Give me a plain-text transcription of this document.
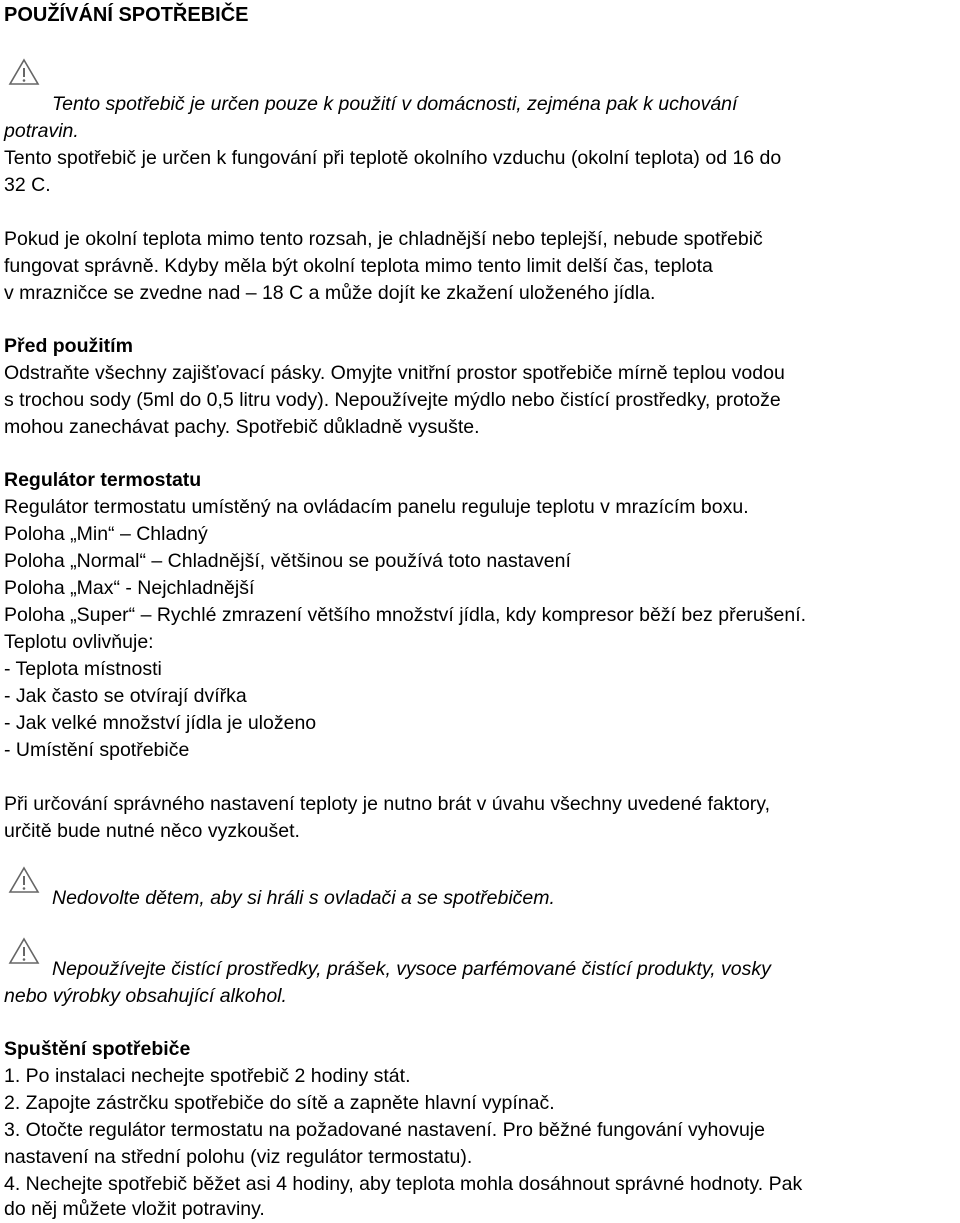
POUŽÍVÁNÍ SPOTŘEBIČE
Tento spotřebič je určen pouze k použití v domácnosti, zejména pak k uchování
potravin.
Tento spotřebič je určen k fungování při teplotě okolního vzduchu (okolní teplota) od 16 do
32 C.
Pokud je okolní teplota mimo tento rozsah, je chladnější nebo teplejší, nebude spotřebič
fungovat správně. Kdyby měla být okolní teplota mimo tento limit delší čas, teplota
v mrazničce se zvedne nad – 18 C a může dojít ke zkažení uloženého jídla.
Před použitím
Odstraňte všechny zajišťovací pásky. Omyjte vnitřní prostor spotřebiče mírně teplou vodou
s trochou sody (5ml do 0,5 litru vody). Nepoužívejte mýdlo nebo čistící prostředky, protože
mohou zanechávat pachy. Spotřebič důkladně vysušte.
Regulátor termostatu
Regulátor termostatu umístěný na ovládacím panelu reguluje teplotu v mrazícím boxu.
Poloha „Min“ – Chladný
Poloha „Normal“ – Chladnější, většinou se používá toto nastavení
Poloha „Max“ - Nejchladnější
Poloha „Super“ – Rychlé zmrazení většího množství jídla, kdy kompresor běží bez přerušení.
Teplotu ovlivňuje:
- Teplota místnosti
- Jak často se otvírají dvířka
- Jak velké množství jídla je uloženo
- Umístění spotřebiče
Při určování správného nastavení teploty je nutno brát v úvahu všechny uvedené faktory,
určitě bude nutné něco vyzkoušet.
Nedovolte dětem, aby si hráli s ovladači a se spotřebičem.
Nepoužívejte čistící prostředky, prášek, vysoce parfémované čistící produkty, vosky
nebo výrobky obsahující alkohol.
Spuštění spotřebiče
1. Po instalaci nechejte spotřebič 2 hodiny stát.
2. Zapojte zástrčku spotřebiče do sítě a zapněte hlavní vypínač.
3. Otočte regulátor termostatu na požadované nastavení. Pro běžné fungování vyhovuje
nastavení na střední polohu (viz regulátor termostatu).
4. Nechejte spotřebič běžet asi 4 hodiny, aby teplota mohla dosáhnout správné hodnoty. Pak
do něj můžete vložit potraviny.
